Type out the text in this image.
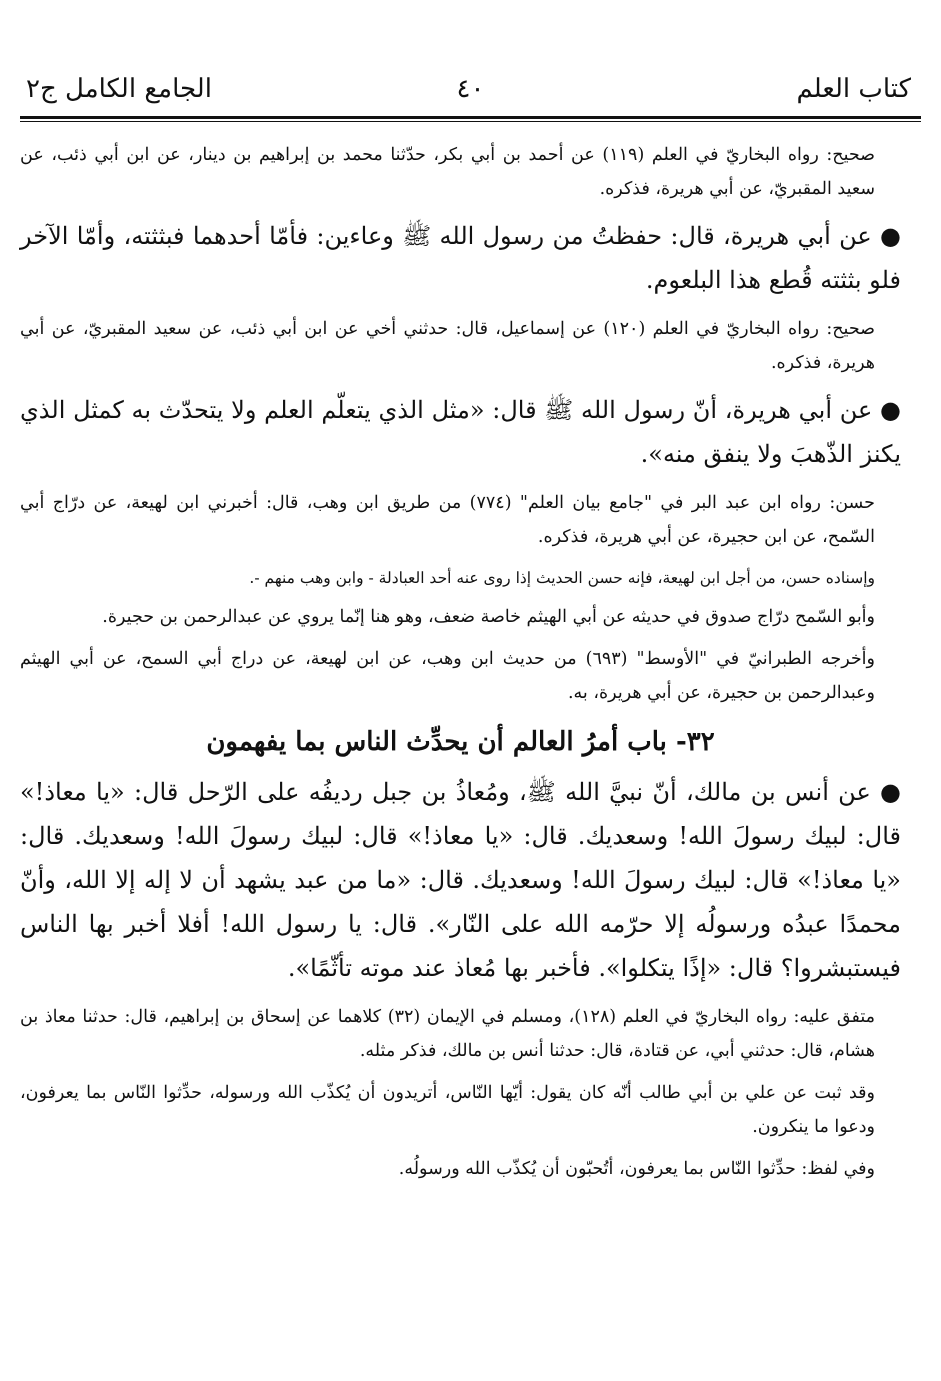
كتاب العلم
٤٠
الجامع الكامل ج٢

صحيح: رواه البخاريّ في العلم (١١٩) عن أحمد بن أبي بكر، حدّثنا محمد بن إبراهيم بن دينار، عن ابن أبي ذئب، عن سعيد المقبريّ، عن أبي هريرة، فذكره.

● عن أبي هريرة، قال: حفظتُ من رسول الله ﷺ وعاءين: فأمّا أحدهما فبثثته، وأمّا الآخر فلو بثثته قُطع هذا البلعوم.

صحيح: رواه البخاريّ في العلم (١٢٠) عن إسماعيل، قال: حدثني أخي عن ابن أبي ذئب، عن سعيد المقبريّ، عن أبي هريرة، فذكره.

● عن أبي هريرة، أنّ رسول الله ﷺ قال: «مثل الذي يتعلّم العلم ولا يتحدّث به كمثل الذي يكنز الذّهبَ ولا ينفق منه».

حسن: رواه ابن عبد البر في "جامع بيان العلم" (٧٧٤) من طريق ابن وهب، قال: أخبرني ابن لهيعة، عن درّاج أبي السّمح، عن ابن حجيرة، عن أبي هريرة، فذكره.

وإسناده حسن، من أجل ابن لهيعة، فإنه حسن الحديث إذا روى عنه أحد العبادلة - وابن وهب منهم -.

وأبو السّمح درّاج صدوق في حديثه عن أبي الهيثم خاصة ضعف، وهو هنا إنّما يروي عن عبدالرحمن بن حجيرة.

وأخرجه الطبرانيّ في "الأوسط" (٦٩٣) من حديث ابن وهب، عن ابن لهيعة، عن دراج أبي السمح، عن أبي الهيثم وعبدالرحمن بن حجيرة، عن أبي هريرة، به.

٣٢- باب أمرُ العالم أن يحدِّث الناس بما يفهمون

● عن أنس بن مالك، أنّ نبيَّ الله ﷺ، ومُعاذُ بن جبل رديفُه على الرّحل قال: «يا معاذ!» قال: لبيك رسولَ الله! وسعديك. قال: «يا معاذ!» قال: لبيك رسولَ الله! وسعديك. قال: «يا معاذ!» قال: لبيك رسولَ الله! وسعديك. قال: «ما من عبد يشهد أن لا إله إلا الله، وأنّ محمدًا عبدُه ورسولُه إلا حرّمه الله على النّار». قال: يا رسول الله! أفلا أخبر بها الناس فيستبشروا؟ قال: «إذًا يتكلوا». فأخبر بها مُعاذ عند موته تأثّمًا».

متفق عليه: رواه البخاريّ في العلم (١٢٨)، ومسلم في الإيمان (٣٢) كلاهما عن إسحاق بن إبراهيم، قال: حدثنا معاذ بن هشام، قال: حدثني أبي، عن قتادة، قال: حدثنا أنس بن مالك، فذكر مثله.

وقد ثبت عن علي بن أبي طالب أنّه كان يقول: أيّها النّاس، أتريدون أن يُكذّب الله ورسوله، حدِّثوا النّاس بما يعرفون، ودعوا ما ينكرون.

وفي لفظ: حدِّثوا النّاس بما يعرفون، أتُحبّون أن يُكذّب الله ورسولُه.
